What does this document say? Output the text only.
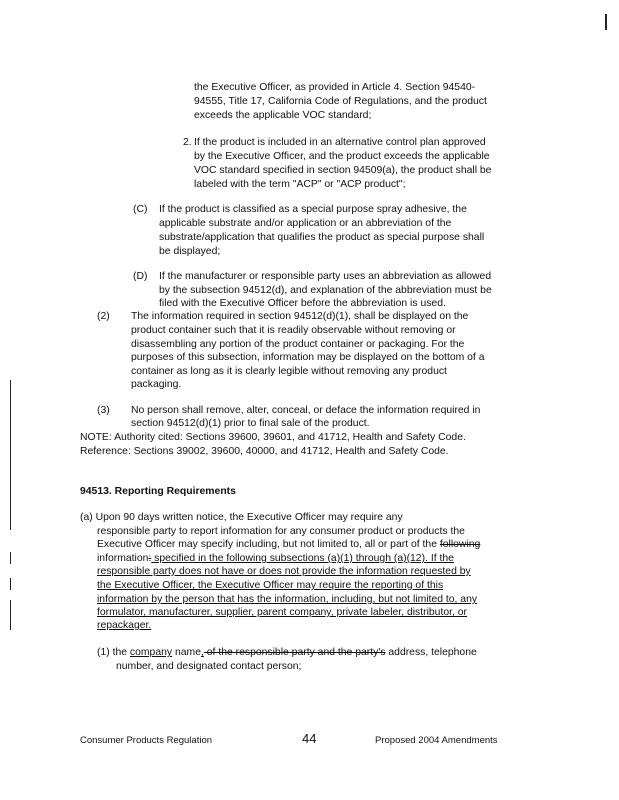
the Executive Officer, as provided in Article 4. Section 94540-
94555, Title 17, California Code of Regulations, and the product
exceeds the applicable VOC standard;
2. If the product is included in an alternative control plan approved
by the Executive Officer, and the product exceeds the applicable
VOC standard specified in section 94509(a), the product shall be
labeled with the term "ACP" or "ACP product";
(C) If the product is classified as a special purpose spray adhesive, the
applicable substrate and/or application or an abbreviation of the
substrate/application that qualifies the product as special purpose shall
be displayed;
(D) If the manufacturer or responsible party uses an abbreviation as allowed
by the subsection 94512(d), and explanation of the abbreviation must be
filed with the Executive Officer before the abbreviation is used.
(2) The information required in section 94512(d)(1), shall be displayed on the
product container such that it is readily observable without removing or
disassembling any portion of the product container or packaging. For the
purposes of this subsection, information may be displayed on the bottom of a
container as long as it is clearly legible without removing any product
packaging.
(3) No person shall remove, alter, conceal, or deface the information required in
section 94512(d)(1) prior to final sale of the product.
NOTE: Authority cited: Sections 39600, 39601, and 41712, Health and Safety Code.
Reference: Sections 39002, 39600, 40000, and 41712, Health and Safety Code.
94513. Reporting Requirements
(a) Upon 90 days written notice, the Executive Officer may require any
responsible party to report information for any consumer product or products the
Executive Officer may specify including, but not limited to, all or part of the following
information: specified in the following subsections (a)(1) through (a)(12). If the
responsible party does not have or does not provide the information requested by
the Executive Officer, the Executive Officer may require the reporting of this
information by the person that has the information, including, but not limited to, any
formulator, manufacturer, supplier, parent company, private labeler, distributor, or
repackager.
(1) the company name, of the responsible party and the party's address, telephone
number, and designated contact person;
Consumer Products Regulation	44	Proposed 2004 Amendments
